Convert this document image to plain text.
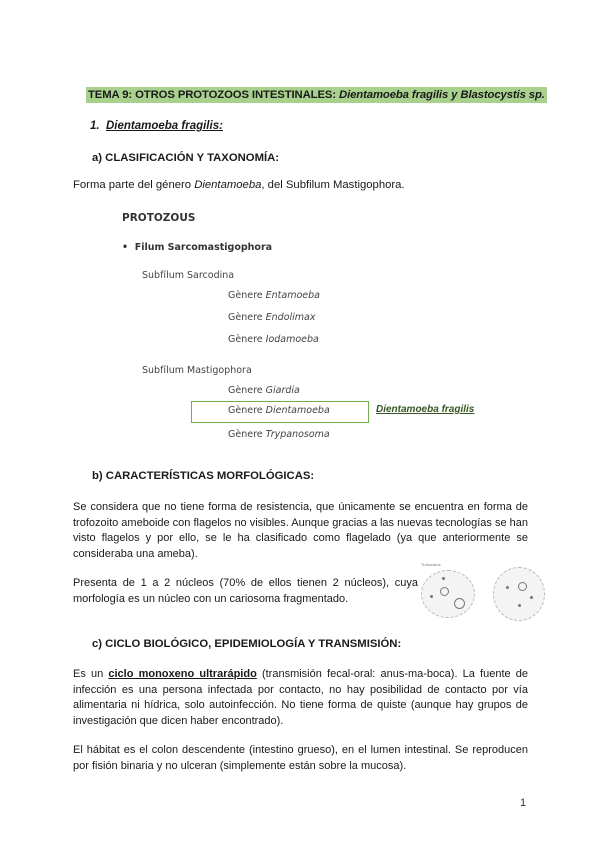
TEMA 9: OTROS PROTOZOOS INTESTINALES: Dientamoeba fragilis y Blastocystis sp.
1. Dientamoeba fragilis:
a) CLASIFICACIÓN Y TAXONOMÍA:
Forma parte del género Dientamoeba, del Subfilum Mastigophora.
PROTOZOUS
• Filum Sarcomastigophora
Subfílum Sarcodina
Gènere Entamoeba
Gènere Endolimax
Gènere Iodamoeba
Subfílum Mastigophora
Gènere Giardia
Gènere Dientamoeba	Dientamoeba fragilis
Gènere Trypanosoma
b) CARACTERÍSTICAS MORFOLÓGICAS:
Se considera que no tiene forma de resistencia, que únicamente se encuentra en forma de trofozoito ameboide con flagelos no visibles. Aunque gracias a las nuevas tecnologías se han visto flagelos y por ello, se le ha clasificado como flagelado (ya que anteriormente se consideraba una ameba).
Presenta de 1 a 2 núcleos (70% de ellos tienen 2 núcleos), cuya morfología es un núcleo con un cariosoma fragmentado.
Trofozoitos
c) CICLO BIOLÓGICO, EPIDEMIOLOGÍA Y TRANSMISIÓN:
Es un ciclo monoxeno ultrarápido (transmisión fecal-oral: anus-ma-boca). La fuente de infección es una persona infectada por contacto, no hay posibilidad de contacto por vía alimentaria ni hídrica, solo autoinfección. No tiene forma de quiste (aunque hay grupos de investigación que dicen haber encontrado).
El hábitat es el colon descendente (intestino grueso), en el lumen intestinal. Se reproducen por fisión binaria y no ulceran (simplemente están sobre la mucosa).
1
